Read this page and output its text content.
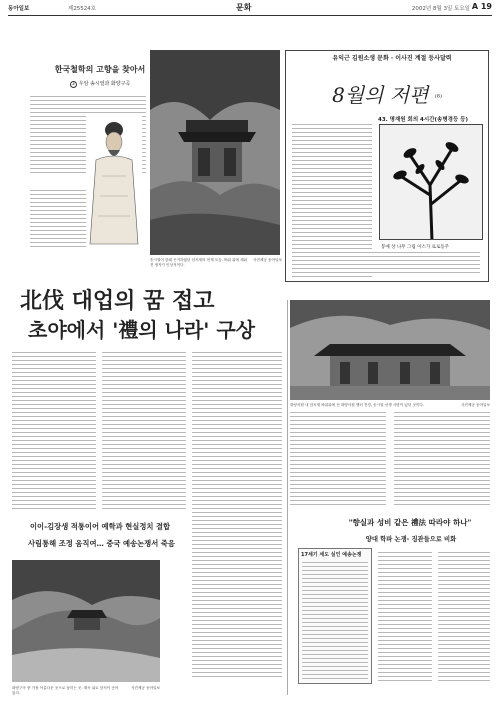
동아일보	제25524호	문화	2002년 8월 3일 토요일 A 19
한국철학의 고향을 찾아서
3 우암 송시열과 화양구곡
송시열이 한때 은거하였던 암서재의 현재 모습. 바위 위에 세워진 정자가 인상적이다.
사진제공 동아일보
유익근 김원소생 문화 · 이사진 계절 등사달력
8월의 저편 (8)
43. 명재원 회의 4시간(송병경등 등)
봉예 상 나무 그림 이스가 로로동주
北伐 대업의 꿈 접고
초야에서 '禮의 나라' 구상
화양서원 내 암서재 바위위에 선 화양서원 옛터 전경, 송시열 선생 사당이 있던 곳이다.	사진제공 동아일보
이이-김장생 적통이어 예학과 현실정치 결합
사림통해 조정 움직여… 중국 예송논쟁서 죽음
"향실과 성비 같은 禮法 따라야 하나"
양대 학파 논쟁- 징관들으로 비화
화양구곡 중 가장 아름다운 곳으로 꼽히는 곳. 계곡 위로 암석이 솟아 있다.
사진제공 동아일보
17세기 세도 실인 예송논쟁
